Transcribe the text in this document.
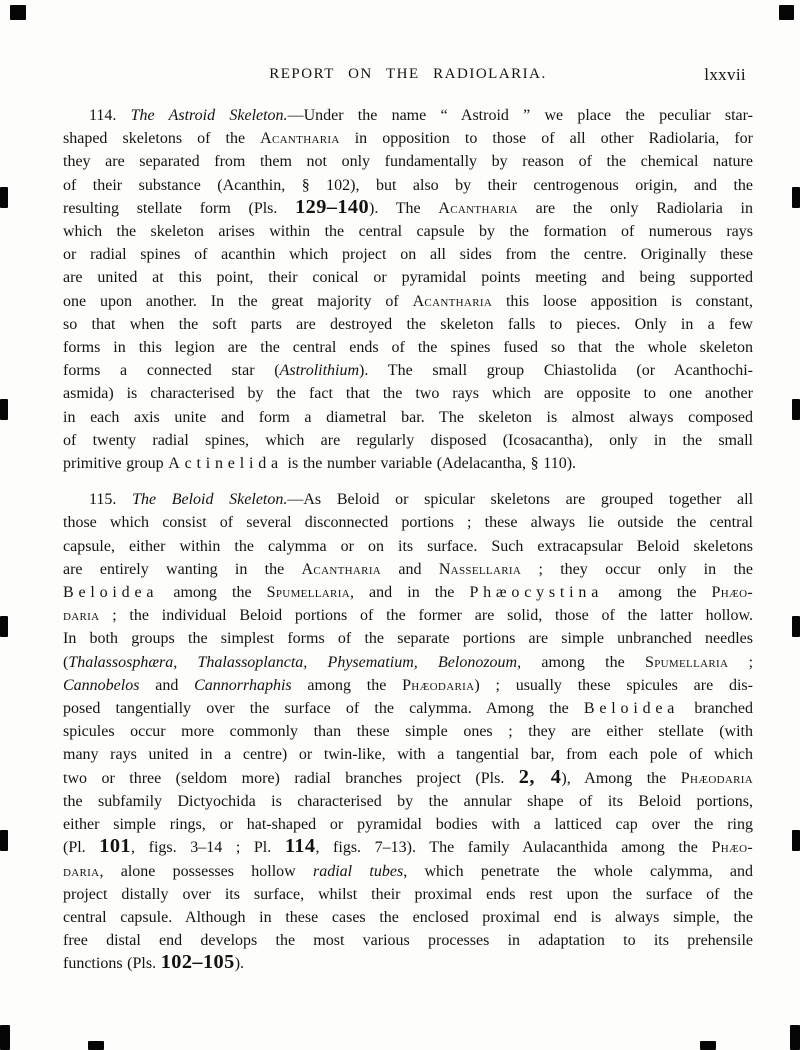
REPORT ON THE RADIOLARIA.	lxxvii
114. The Astroid Skeleton.—Under the name “ Astroid ” we place the peculiar star-
shaped skeletons of the Acantharia in opposition to those of all other Radiolaria, for
they are separated from them not only fundamentally by reason of the chemical nature
of their substance (Acanthin, § 102), but also by their centrogenous origin, and the
resulting stellate form (Pls. 129–140). The Acantharia are the only Radiolaria in
which the skeleton arises within the central capsule by the formation of numerous rays
or radial spines of acanthin which project on all sides from the centre. Originally these
are united at this point, their conical or pyramidal points meeting and being supported
one upon another. In the great majority of Acantharia this loose apposition is constant,
so that when the soft parts are destroyed the skeleton falls to pieces. Only in a few
forms in this legion are the central ends of the spines fused so that the whole skeleton
forms a connected star (Astrolithium). The small group Chiastolida (or Acanthochi-
asmida) is characterised by the fact that the two rays which are opposite to one another
in each axis unite and form a diametral bar. The skeleton is almost always composed
of twenty radial spines, which are regularly disposed (Icosacantha), only in the small
primitive group Actinelida is the number variable (Adelacantha, § 110).
115. The Beloid Skeleton.—As Beloid or spicular skeletons are grouped together all
those which consist of several disconnected portions ; these always lie outside the central
capsule, either within the calymma or on its surface. Such extracapsular Beloid skeletons
are entirely wanting in the Acantharia and Nassellaria ; they occur only in the
Beloidea among the Spumellaria, and in the Phæocystina among the Phæo-
daria ; the individual Beloid portions of the former are solid, those of the latter hollow.
In both groups the simplest forms of the separate portions are simple unbranched needles
(Thalassosphæra, Thalassoplancta, Physematium, Belonozoum, among the Spumellaria ;
Cannobelos and Cannorrhaphis among the Phæodaria) ; usually these spicules are dis-
posed tangentially over the surface of the calymma. Among the Beloidea branched
spicules occur more commonly than these simple ones ; they are either stellate (with
many rays united in a centre) or twin-like, with a tangential bar, from each pole of which
two or three (seldom more) radial branches project (Pls. 2, 4), Among the Phæodaria
the subfamily Dictyochida is characterised by the annular shape of its Beloid portions,
either simple rings, or hat-shaped or pyramidal bodies with a latticed cap over the ring
(Pl. 101, figs. 3–14 ; Pl. 114, figs. 7–13). The family Aulacanthida among the Phæo-
daria, alone possesses hollow radial tubes, which penetrate the whole calymma, and
project distally over its surface, whilst their proximal ends rest upon the surface of the
central capsule. Although in these cases the enclosed proximal end is always simple, the
free distal end develops the most various processes in adaptation to its prehensile
functions (Pls. 102–105).
